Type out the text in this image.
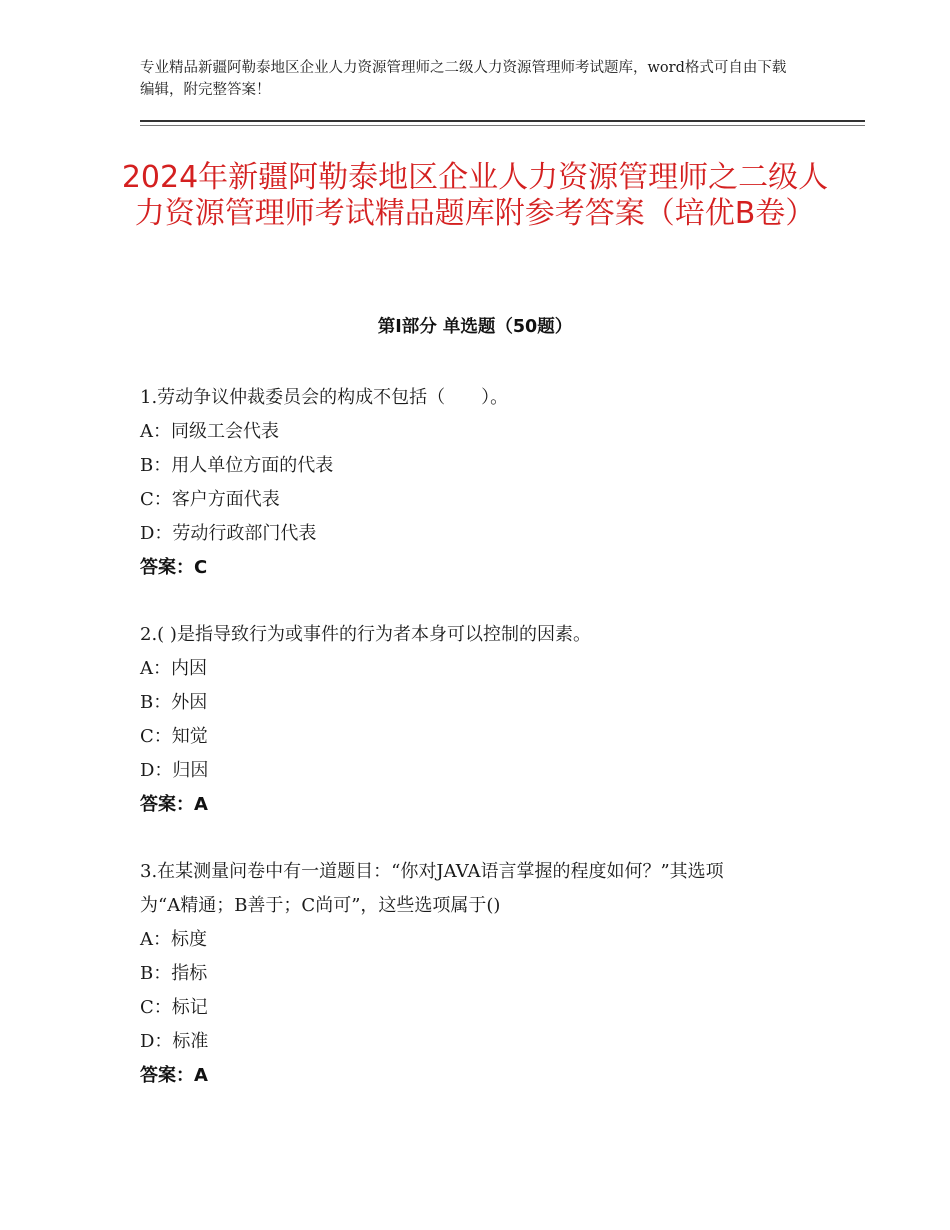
专业精品新疆阿勒泰地区企业人力资源管理师之二级人力资源管理师考试题库，word格式可自由下载编辑，附完整答案！
2024年新疆阿勒泰地区企业人力资源管理师之二级人力资源管理师考试精品题库附参考答案（培优B卷）
第Ⅰ部分 单选题（50题）
1.劳动争议仲裁委员会的构成不包括（　　）。
A：同级工会代表
B：用人单位方面的代表
C：客户方面代表
D：劳动行政部门代表
答案：C
2.( )是指导致行为或事件的行为者本身可以控制的因素。
A：内因
B：外因
C：知觉
D：归因
答案：A
3.在某测量问卷中有一道题目：“你对JAVA语言掌握的程度如何？”其选项为“A精通；B善于；C尚可”，这些选项属于()
A：标度
B：指标
C：标记
D：标准
答案：A
